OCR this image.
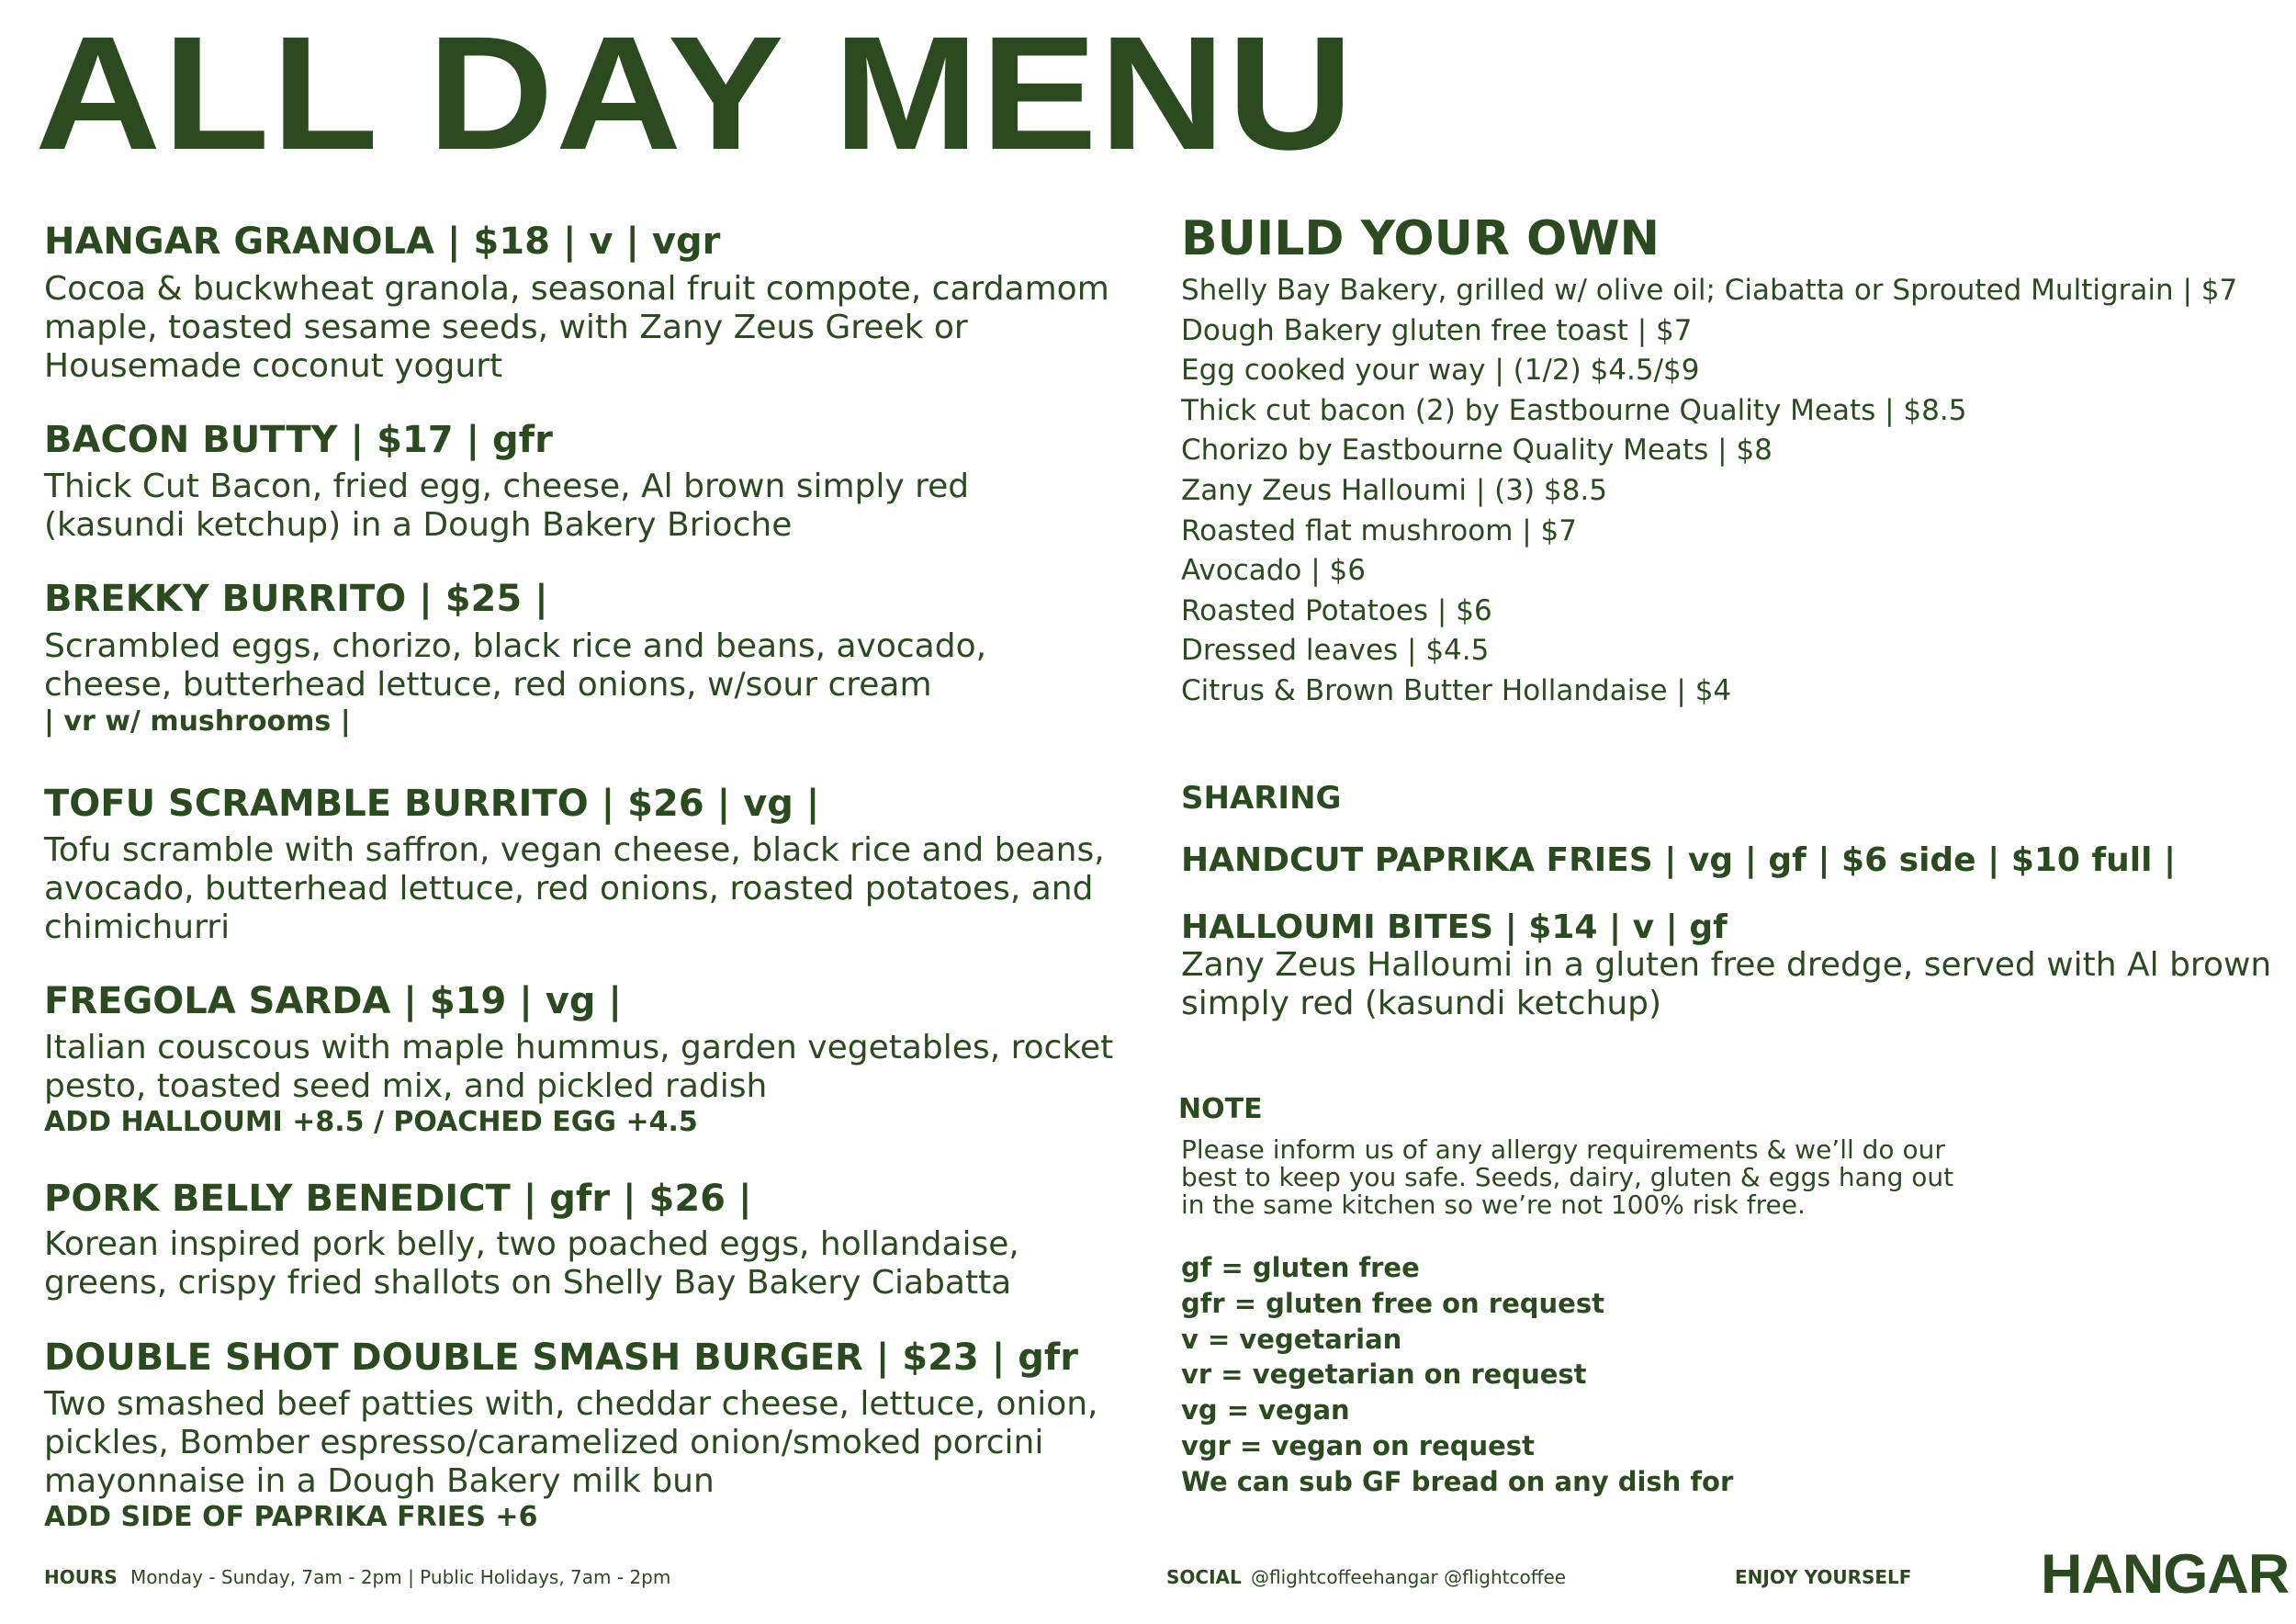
ALL DAY MENU
HANGAR GRANOLA | $18 | v | vgr
Cocoa & buckwheat granola, seasonal fruit compote, cardamom
maple, toasted sesame seeds, with Zany Zeus Greek or
Housemade coconut yogurt
BACON BUTTY | $17 | gfr
Thick Cut Bacon, fried egg, cheese, Al brown simply red
(kasundi ketchup) in a Dough Bakery Brioche
BREKKY BURRITO | $25 |
Scrambled eggs, chorizo, black rice and beans, avocado,
cheese, butterhead lettuce, red onions, w/sour cream
| vr w/ mushrooms |
TOFU SCRAMBLE BURRITO | $26 | vg |
Tofu scramble with saffron, vegan cheese, black rice and beans,
avocado, butterhead lettuce, red onions, roasted potatoes, and
chimichurri
FREGOLA SARDA | $19 | vg |
Italian couscous with maple hummus, garden vegetables, rocket
pesto, toasted seed mix, and pickled radish
ADD HALLOUMI +8.5 / POACHED EGG +4.5
PORK BELLY BENEDICT | gfr | $26 |
Korean inspired pork belly, two poached eggs, hollandaise,
greens, crispy fried shallots on Shelly Bay Bakery Ciabatta
DOUBLE SHOT DOUBLE SMASH BURGER | $23 | gfr
Two smashed beef patties with, cheddar cheese, lettuce, onion,
pickles, Bomber espresso/caramelized onion/smoked porcini
mayonnaise in a Dough Bakery milk bun
ADD SIDE OF PAPRIKA FRIES +6
BUILD YOUR OWN
Shelly Bay Bakery, grilled w/ olive oil; Ciabatta or Sprouted Multigrain | $7
Dough Bakery gluten free toast | $7
Egg cooked your way | (1/2) $4.5/$9
Thick cut bacon (2) by Eastbourne Quality Meats | $8.5
Chorizo by Eastbourne Quality Meats | $8
Zany Zeus Halloumi | (3) $8.5
Roasted flat mushroom | $7
Avocado | $6
Roasted Potatoes | $6
Dressed leaves | $4.5
Citrus & Brown Butter Hollandaise | $4
SHARING
HANDCUT PAPRIKA FRIES | vg | gf | $6 side | $10 full |
HALLOUMI BITES | $14 | v | gf
Zany Zeus Halloumi in a gluten free dredge, served with Al brown
simply red (kasundi ketchup)
NOTE
Please inform us of any allergy requirements & we’ll do our
best to keep you safe. Seeds, dairy, gluten & eggs hang out
in the same kitchen so we’re not 100% risk free.
gf = gluten free
gfr = gluten free on request
v = vegetarian
vr = vegetarian on request
vg = vegan
vgr = vegan on request
We can sub GF bread on any dish for
HOURS Monday - Sunday, 7am - 2pm | Public Holidays, 7am - 2pm	SOCIAL @flightcoffeehangar @flightcoffee	ENJOY YOURSELF HANGAR
